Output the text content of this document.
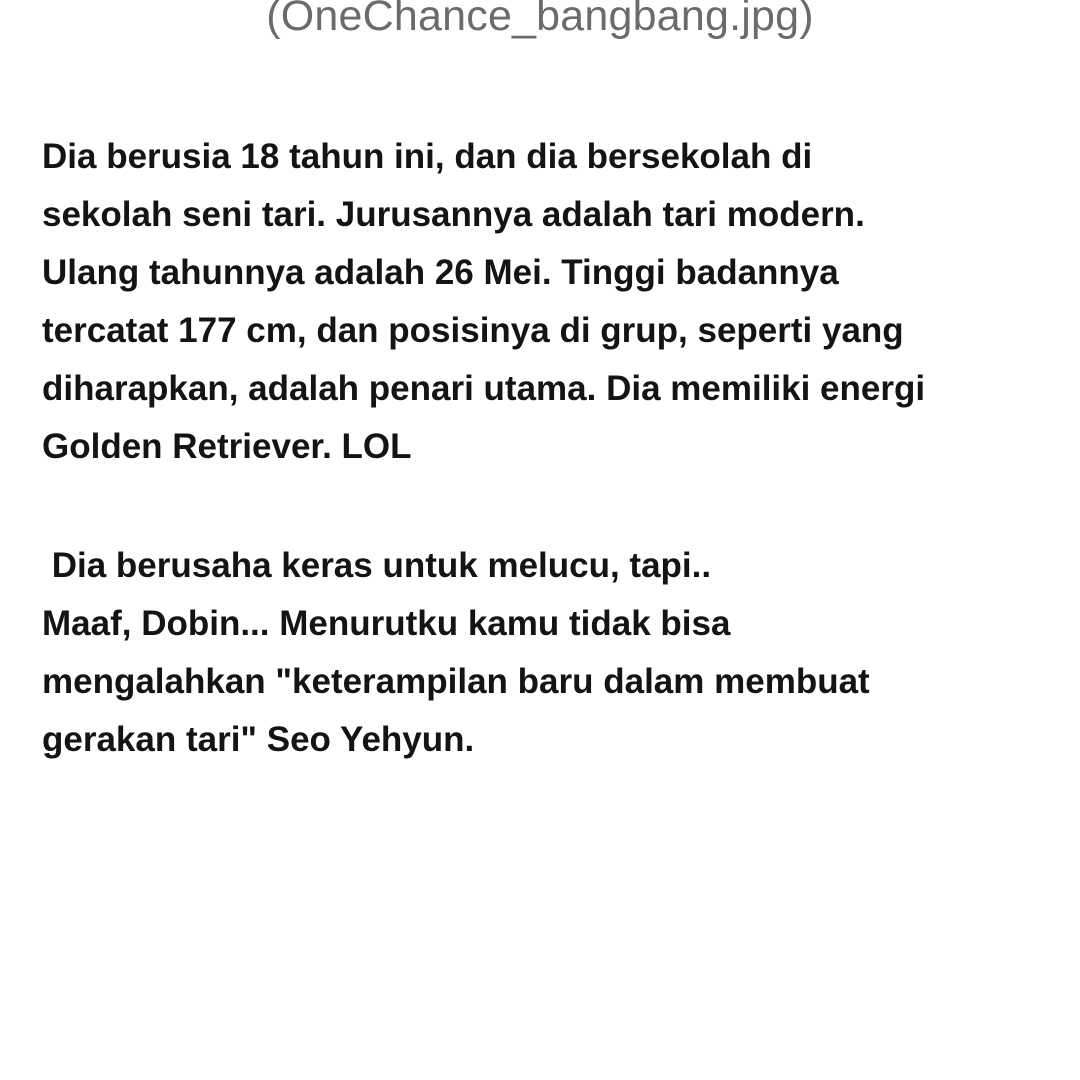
(OneChance_bangbang.jpg)
Dia berusia 18 tahun ini, dan dia bersekolah di
sekolah seni tari. Jurusannya adalah tari modern.
Ulang tahunnya adalah 26 Mei. Tinggi badannya
tercatat 177 cm, dan posisinya di grup, seperti yang
diharapkan, adalah penari utama. Dia memiliki energi
Golden Retriever. LOL
Dia berusaha keras untuk melucu, tapi..
Maaf, Dobin... Menurutku kamu tidak bisa
mengalahkan "keterampilan baru dalam membuat
gerakan tari" Seo Yehyun.
